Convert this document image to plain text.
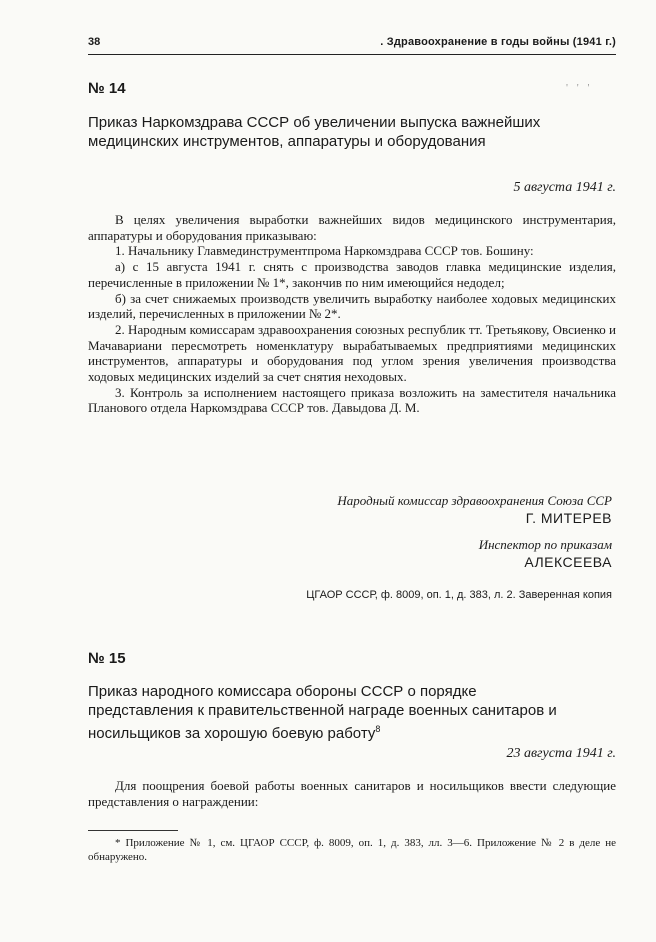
38	. Здравоохранение в годы войны (1941 г.)
' ' '
№ 14
Приказ Наркомздрава СССР об увеличении выпуска важнейших медицинских инструментов, аппаратуры и оборудования
5 августа 1941 г.

В целях увеличения выработки важнейших видов медицинского инструментария, аппаратуры и оборудования приказываю:

1. Начальнику Главмединструментпрома Наркомздрава СССР тов. Бошину:

а) с 15 августа 1941 г. снять с производства заводов главка медицинские изделия, перечисленные в приложении № 1*, закончив по ним имеющийся недодел;

б) за счет снижаемых производств увеличить выработку наиболее ходовых медицинских изделий, перечисленных в приложении № 2*.

2. Народным комиссарам здравоохранения союзных республик тт. Третьякову, Овсиенко и Мачавариани пересмотреть номенклатуру вырабатываемых предприятиями медицинских инструментов, аппаратуры и оборудования под углом зрения увеличения производства ходовых медицинских изделий за счет снятия неходовых.

3. Контроль за исполнением настоящего приказа возложить на заместителя начальника Планового отдела Наркомздрава СССР тов. Давыдова Д. М.

Народный комиссар здравоохранения Союза ССР
Г. МИТЕРЕВ
Инспектор по приказам
АЛЕКСЕЕВА
ЦГАОР СССР, ф. 8009, оп. 1, д. 383, л. 2. Заверенная копия
№ 15
Приказ народного комиссара обороны СССР о порядке представления к правительственной награде военных санитаров и носильщиков за хорошую боевую работу$^8$
23 августа 1941 г.

Для поощрения боевой работы военных санитаров и носильщиков ввести следующие представления о награждении:

* Приложение № 1, см. ЦГАОР СССР, ф. 8009, оп. 1, д. 383, лл. 3—6. Приложение № 2 в деле не обнаружено.
